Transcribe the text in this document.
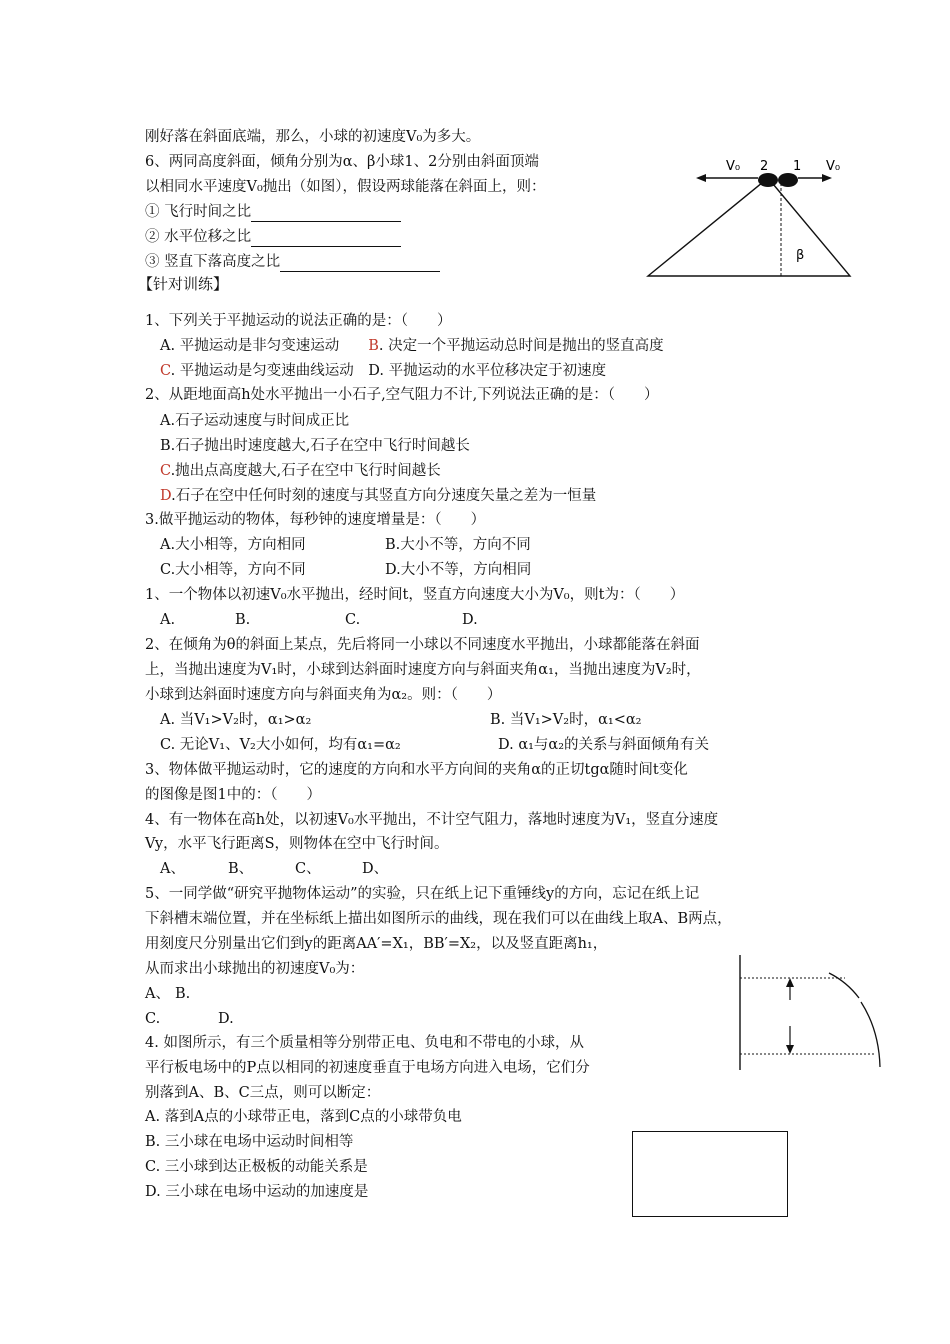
刚好落在斜面底端，那么，小球的初速度V₀为多大。
6、两同高度斜面，倾角分别为α、β小球1、2分别由斜面顶端
以相同水平速度V₀抛出（如图），假设两球能落在斜面上，则：
① 飞行时间之比
② 水平位移之比
③ 竖直下落高度之比
【针对训练】
1、下列关于平抛运动的说法正确的是：（　　）
A. 平抛运动是非匀变速运动　　B. 决定一个平抛运动总时间是抛出的竖直高度
C. 平抛运动是匀变速曲线运动　D. 平抛运动的水平位移决定于初速度
2、从距地面高h处水平抛出一小石子,空气阻力不计,下列说法正确的是：（　　）
A.石子运动速度与时间成正比
B.石子抛出时速度越大,石子在空中飞行时间越长
C.抛出点高度越大,石子在空中飞行时间越长
D.石子在空中任何时刻的速度与其竖直方向分速度矢量之差为一恒量
3.做平抛运动的物体，每秒钟的速度增量是：（　　）
A.大小相等，方向相同	B.大小不等，方向不同
C.大小相等，方向不同	D.大小不等，方向相同
1、一个物体以初速V₀水平抛出，经时间t，竖直方向速度大小为V₀，则t为：（　　）
A.	B.	C.	D.
2、在倾角为θ的斜面上某点，先后将同一小球以不同速度水平抛出，小球都能落在斜面
上，当抛出速度为V₁时，小球到达斜面时速度方向与斜面夹角α₁，当抛出速度为V₂时，
小球到达斜面时速度方向与斜面夹角为α₂。则：（　　）
A. 当V₁>V₂时，α₁>α₂	B. 当V₁>V₂时，α₁<α₂
C. 无论V₁、V₂大小如何，均有α₁=α₂	D. α₁与α₂的关系与斜面倾角有关
3、物体做平抛运动时，它的速度的方向和水平方向间的夹角α的正切tgα随时间t变化
的图像是图1中的：（　　）
4、有一物体在高h处，以初速V₀水平抛出，不计空气阻力，落地时速度为V₁，竖直分速度
Vy，水平飞行距离S，则物体在空中飞行时间。
A、	B、	C、	D、
5、一同学做“研究平抛物体运动”的实验，只在纸上记下重锤线y的方向，忘记在纸上记
下斜槽末端位置，并在坐标纸上描出如图所示的曲线，现在我们可以在曲线上取A、B两点，
用刻度尺分别量出它们到y的距离AA′=X₁，BB′=X₂，以及竖直距离h₁，
从而求出小球抛出的初速度V₀为：
A、 B.
C.	D.
4. 如图所示，有三个质量相等分别带正电、负电和不带电的小球，从
平行板电场中的P点以相同的初速度垂直于电场方向进入电场，它们分
别落到A、B、C三点，则可以断定：
A. 落到A点的小球带正电，落到C点的小球带负电
B. 三小球在电场中运动时间相等
C. 三小球到达正极板的动能关系是
D. 三小球在电场中运动的加速度是
V₀ 2 1 V₀
β
